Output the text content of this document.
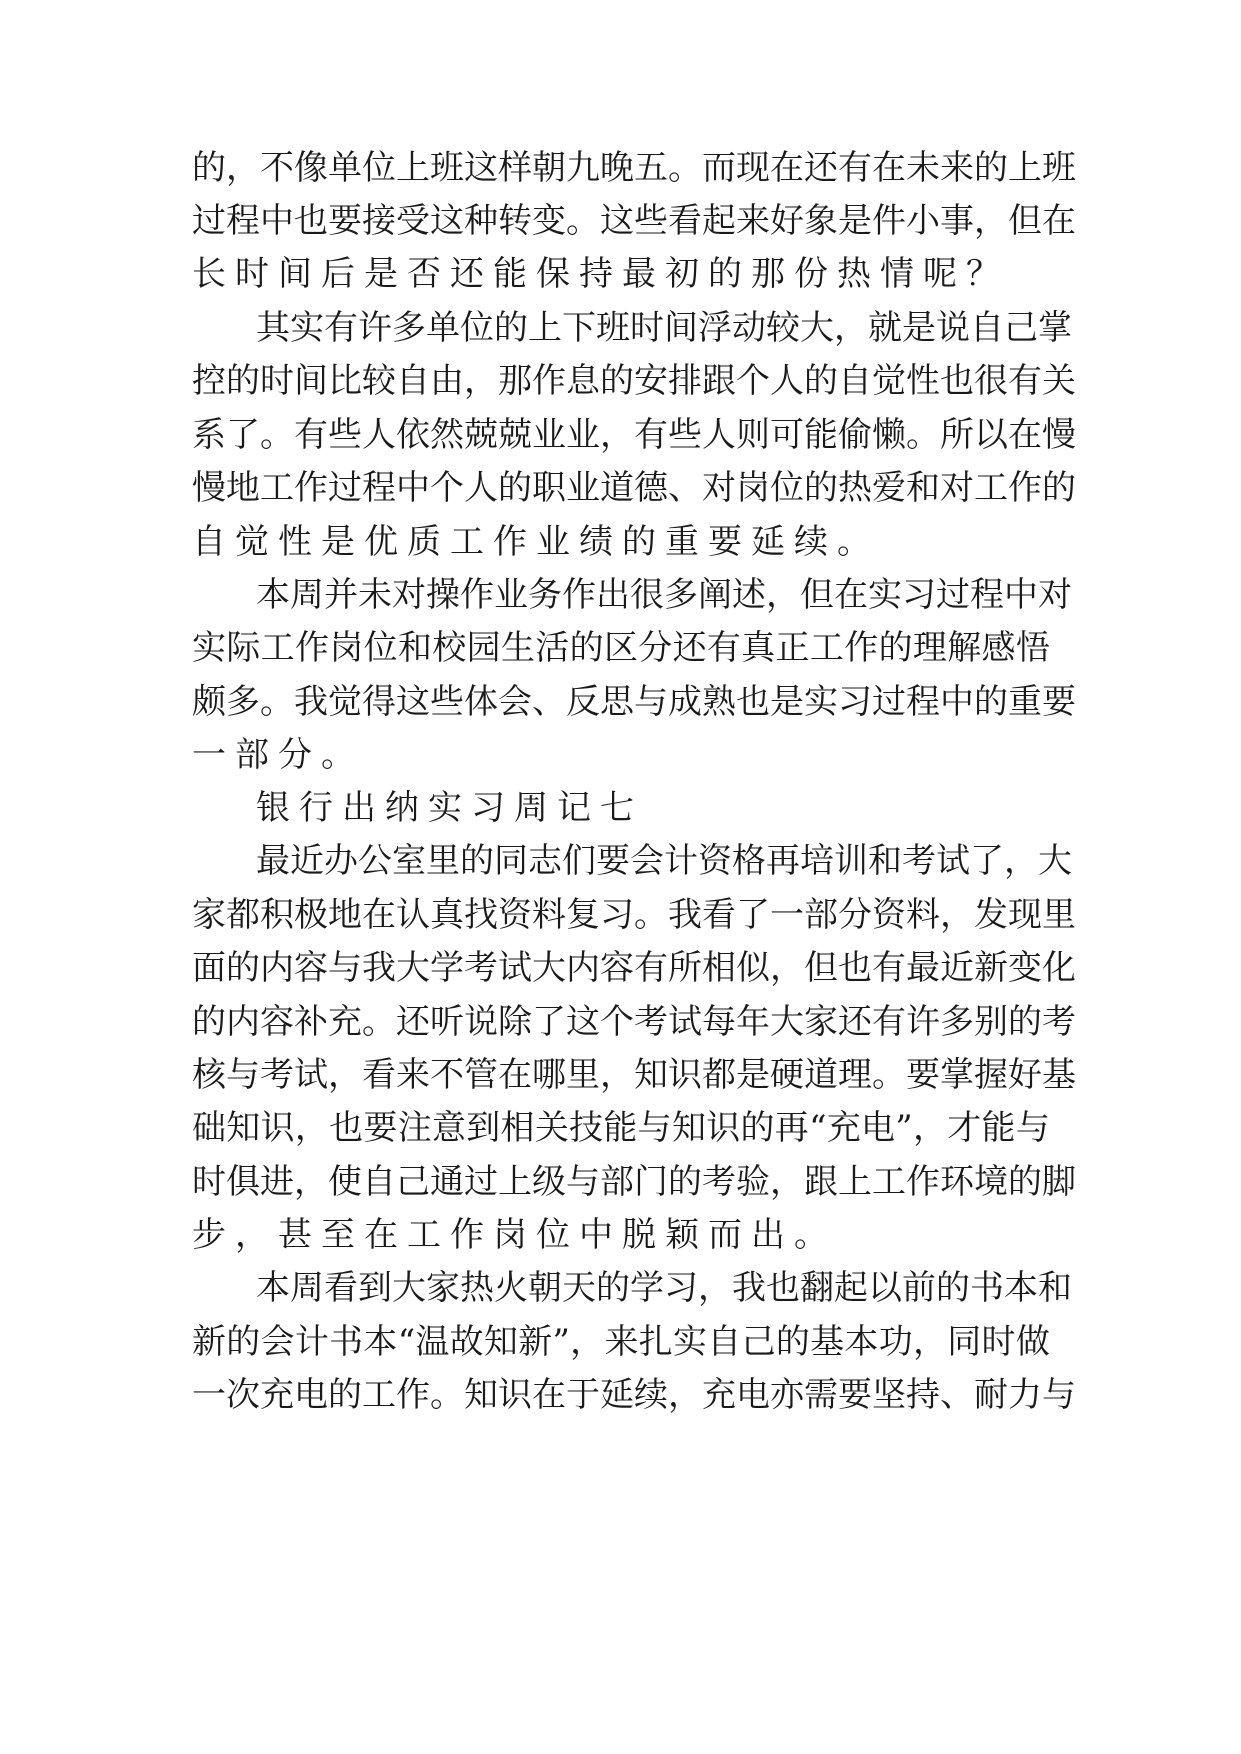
的 ， 不 像 单 位 上 班 这 样 朝 九 晚 五 。 而 现 在 还 有 在 未 来 的 上 班
过 程 中 也 要 接 受 这 种 转 变 。 这 些 看 起 来 好 象 是 件 小 事 ， 但 在
长时间后是否还能保持最初的那份热情呢？
其 实 有 许 多 单 位 的 上 下 班 时 间 浮 动 较 大 ， 就 是 说 自 己 掌
控 的 时 间 比 较 自 由 ， 那 作 息 的 安 排 跟 个 人 的 自 觉 性 也 很 有 关
系 了 。 有 些 人 依 然 兢 兢 业 业 ， 有 些 人 则 可 能 偷 懒 。 所 以 在 慢
慢 地 工 作 过 程 中 个 人 的 职 业 道 德 、 对 岗 位 的 热 爱 和 对 工 作 的
自觉性是优质工作业绩的重要延续。
本 周 并 未 对 操 作 业 务 作 出 很 多 阐 述 ， 但 在 实 习 过 程 中 对
实 际 工 作 岗 位 和 校 园 生 活 的 区 分 还 有 真 正 工 作 的 理 解 感 悟
颇 多 。 我 觉 得 这 些 体 会 、 反 思 与 成 熟 也 是 实 习 过 程 中 的 重 要
一部分。
银行出纳实习周记七
最 近 办 公 室 里 的 同 志 们 要 会 计 资 格 再 培 训 和 考 试 了 ， 大
家 都 积 极 地 在 认 真 找 资 料 复 习 。 我 看 了 一 部 分 资 料 ， 发 现 里
面 的 内 容 与 我 大 学 考 试 大 内 容 有 所 相 似 ， 但 也 有 最 近 新 变 化
的 内 容 补 充 。 还 听 说 除 了 这 个 考 试 每 年 大 家 还 有 许 多 别 的 考
核 与 考 试 ， 看 来 不 管 在 哪 里 ， 知 识 都 是 硬 道 理 。 要 掌 握 好 基
础 知 识 ， 也 要 注 意 到 相 关 技 能 与 知 识 的 再 “ 充 电 ” ， 才 能 与
时 俱 进 ， 使 自 己 通 过 上 级 与 部 门 的 考 验 ， 跟 上 工 作 环 境 的 脚
步，甚至在工作岗位中脱颖而出。
本 周 看 到 大 家 热 火 朝 天 的 学 习 ， 我 也 翻 起 以 前 的 书 本 和
新 的 会 计 书 本 “ 温 故 知 新 ” ， 来 扎 实 自 己 的 基 本 功 ， 同 时 做
一 次 充 电 的 工 作 。 知 识 在 于 延 续 ， 充 电 亦 需 要 坚 持 、 耐 力 与
